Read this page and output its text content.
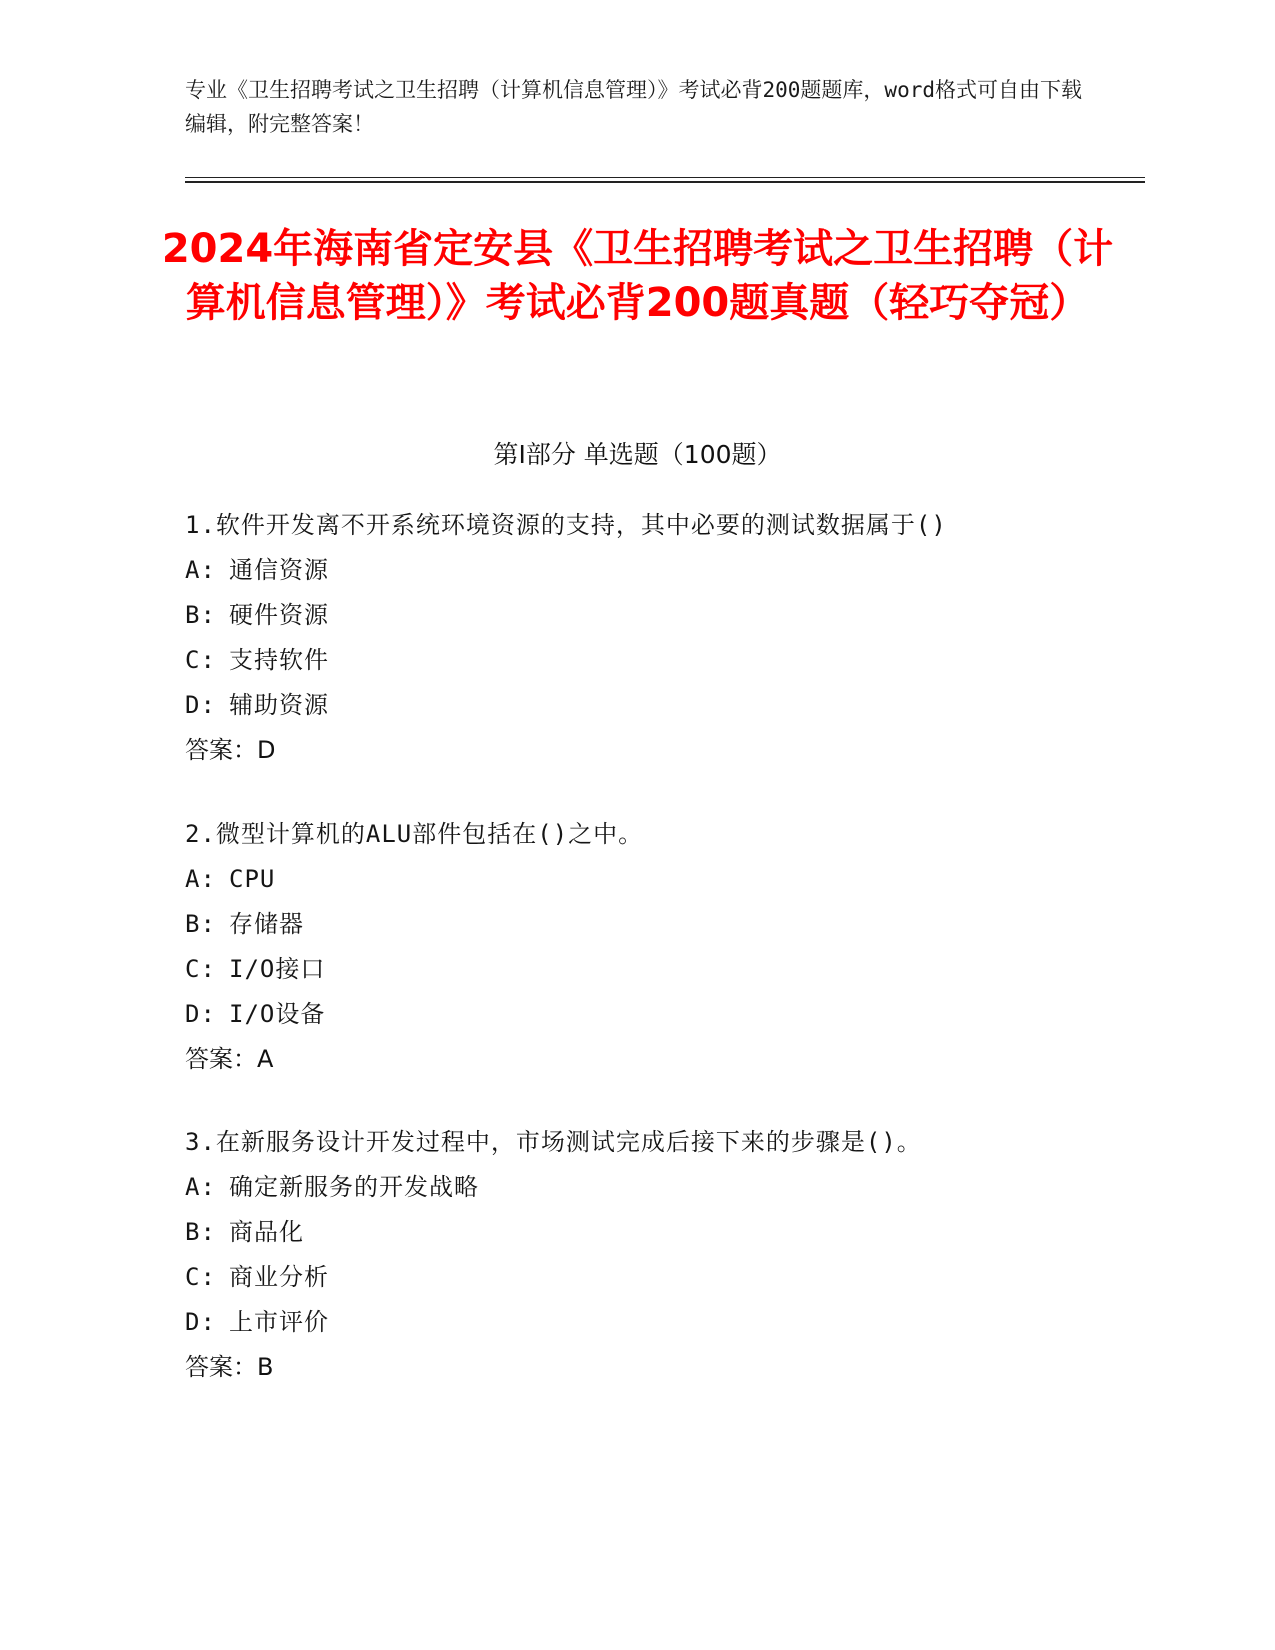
专业《卫生招聘考试之卫生招聘（计算机信息管理）》考试必背200题题库，word格式可自由下载编辑，附完整答案！
2024年海南省定安县《卫生招聘考试之卫生招聘（计算机信息管理）》考试必背200题真题（轻巧夺冠）
第Ⅰ部分 单选题（100题）
1.软件开发离不开系统环境资源的支持，其中必要的测试数据属于()
A: 通信资源
B: 硬件资源
C: 支持软件
D: 辅助资源
答案：D
2.微型计算机的ALU部件包括在()之中。
A: CPU
B: 存储器
C: I/O接口
D: I/O设备
答案：A
3.在新服务设计开发过程中，市场测试完成后接下来的步骤是()。
A: 确定新服务的开发战略
B: 商品化
C: 商业分析
D: 上市评价
答案：B
